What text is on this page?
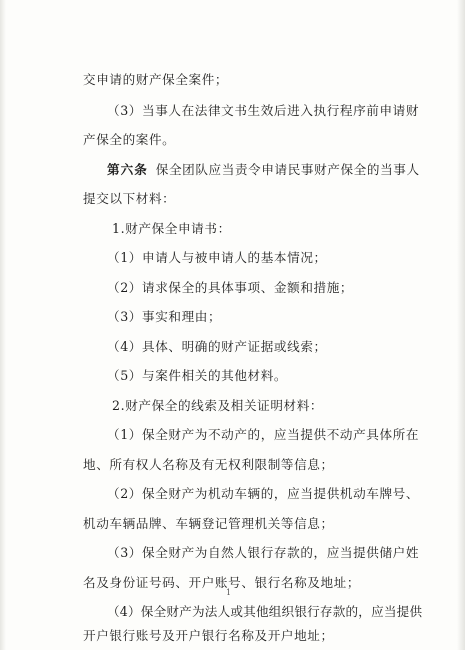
交申请的财产保全案件；
（3）当事人在法律文书生效后进入执行程序前申请财
产保全的案件。
第六条 保全团队应当责令申请民事财产保全的当事人
提交以下材料：
1.财产保全申请书：
（1）申请人与被申请人的基本情况；
（2）请求保全的具体事项、金额和措施；
（3）事实和理由；
（4）具体、明确的财产证据或线索；
（5）与案件相关的其他材料。
2.财产保全的线索及相关证明材料：
（1）保全财产为不动产的，应当提供不动产具体所在
地、所有权人名称及有无权利限制等信息；
（2）保全财产为机动车辆的，应当提供机动车牌号、
机动车辆品牌、车辆登记管理机关等信息；
（3）保全财产为自然人银行存款的，应当提供储户姓
名及身份证号码、开户账号、银行名称及地址；
（4）保全财产为法人或其他组织银行存款的，应当提供
开户银行账号及开户银行名称及开户地址；
1
